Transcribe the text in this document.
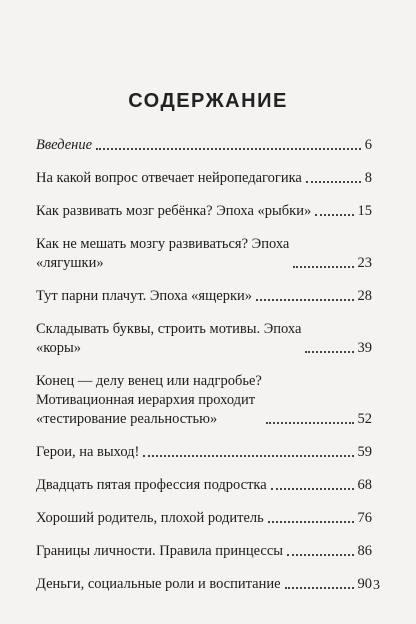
СОДЕРЖАНИЕ
Введение	6
На какой вопрос отвечает нейропедагогика	8
Как развивать мозг ребёнка? Эпоха «рыбки»	15
Как не мешать мозгу развиваться? Эпоха
«лягушки»	23
Тут парни плачут. Эпоха «ящерки»	28
Складывать буквы, строить мотивы. Эпоха
«коры»	39
Конец — делу венец или надгробье?
Мотивационная иерархия проходит
«тестирование реальностью»	52
Герои, на выход!	59
Двадцать пятая профессия подростка	68
Хороший родитель, плохой родитель	76
Границы личности. Правила принцессы	86
Деньги, социальные роли и воспитание	90 3
